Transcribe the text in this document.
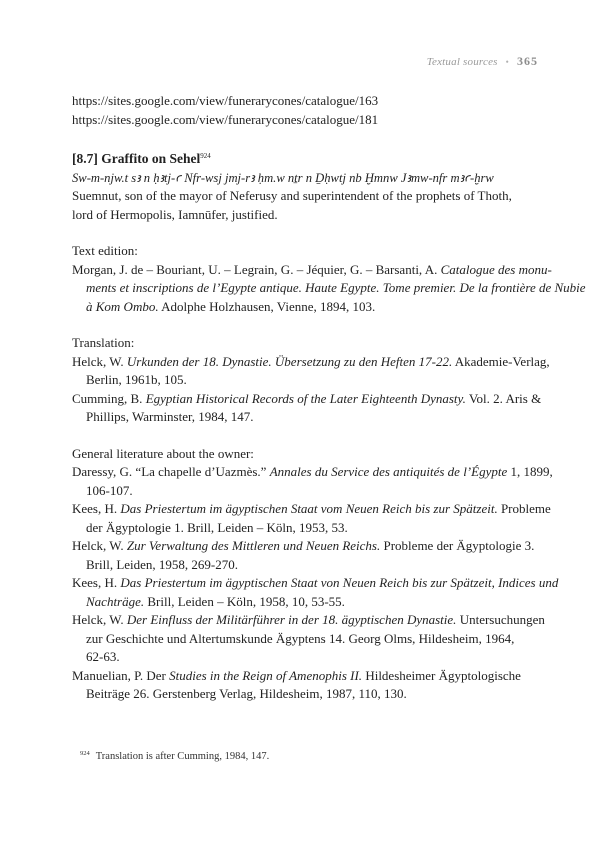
Textual sources • 365

https://sites.google.com/view/funerarycones/catalogue/163

https://sites.google.com/view/funerarycones/catalogue/181

[8.7] Graffito on Sehel$^{924}$

Sw-m-njw.t sꜣ n ḥꜣtj-ꜥ Nfr-wsj jmj-rꜣ ḥm.w nṯr n Ḏḥwtj nb Ḫmnw Jꜣmw-nfr mꜣꜥ-ḫrw

Suemnut, son of the mayor of Neferusy and superintendent of the prophets of Thoth,

lord of Hermopolis, Iamnūfer, justified.

Text edition:

Morgan, J. de – Bouriant, U. – Legrain, G. – Jéquier, G. – Barsanti, A. Catalogue des monu-

ments et inscriptions de l’Egypte antique. Haute Egypte. Tome premier. De la frontière de Nubie

à Kom Ombo. Adolphe Holzhausen, Vienne, 1894, 103.

Translation:

Helck, W. Urkunden der 18. Dynastie. Übersetzung zu den Heften 17-22. Akademie-Verlag,

Berlin, 1961b, 105.

Cumming, B. Egyptian Historical Records of the Later Eighteenth Dynasty. Vol. 2. Aris &

Phillips, Warminster, 1984, 147.

General literature about the owner:

Daressy, G. “La chapelle d’Uazmès.” Annales du Service des antiquités de l’Égypte 1, 1899,

106-107.

Kees, H. Das Priestertum im ägyptischen Staat vom Neuen Reich bis zur Spätzeit. Probleme

der Ägyptologie 1. Brill, Leiden – Köln, 1953, 53.

Helck, W. Zur Verwaltung des Mittleren und Neuen Reichs. Probleme der Ägyptologie 3.

Brill, Leiden, 1958, 269-270.

Kees, H. Das Priestertum im ägyptischen Staat von Neuen Reich bis zur Spätzeit, Indices und

Nachträge. Brill, Leiden – Köln, 1958, 10, 53-55.

Helck, W. Der Einfluss der Militärführer in der 18. ägyptischen Dynastie. Untersuchungen

zur Geschichte und Altertumskunde Ägyptens 14. Georg Olms, Hildesheim, 1964,

62-63.

Manuelian, P. Der Studies in the Reign of Amenophis II. Hildesheimer Ägyptologische

Beiträge 26. Gerstenberg Verlag, Hildesheim, 1987, 110, 130.

$^{924}$ Translation is after Cumming, 1984, 147.
